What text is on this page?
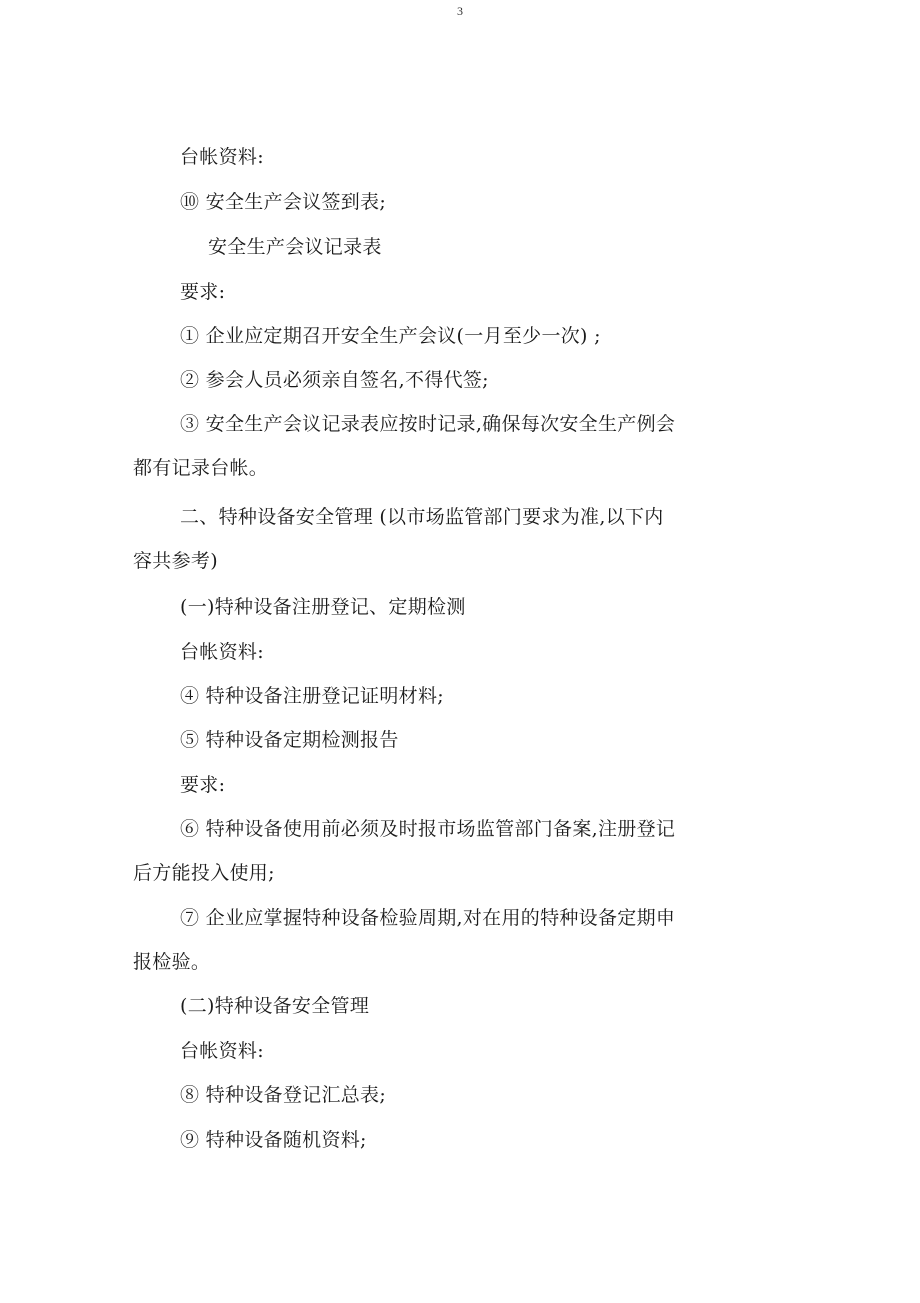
3
台帐资料:
⑩ 安全生产会议签到表;
安全生产会议记录表
要求:
① 企业应定期召开安全生产会议(一月至少一次) ;
② 参会人员必须亲自签名,不得代签;
③ 安全生产会议记录表应按时记录,确保每次安全生产例会
都有记录台帐。
二、特种设备安全管理 (以市场监管部门要求为准,以下内
容共参考)
(一)特种设备注册登记、定期检测
台帐资料:
④ 特种设备注册登记证明材料;
⑤ 特种设备定期检测报告
要求:
⑥ 特种设备使用前必须及时报市场监管部门备案,注册登记
后方能投入使用;
⑦ 企业应掌握特种设备检验周期,对在用的特种设备定期申
报检验。
(二)特种设备安全管理
台帐资料:
⑧ 特种设备登记汇总表;
⑨ 特种设备随机资料;
